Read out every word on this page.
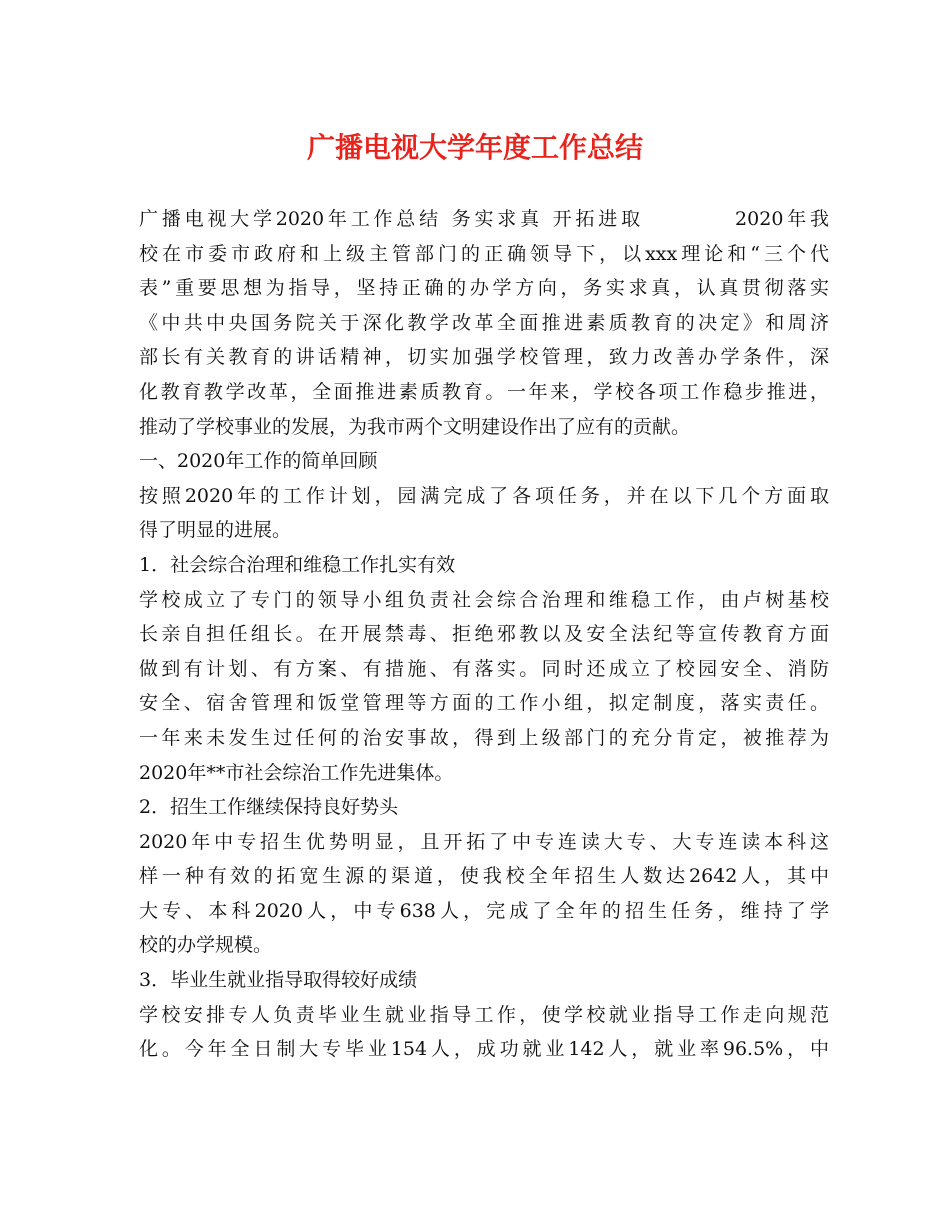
广播电视大学年度工作总结
广播电视大学2020年工作总结 务实求真 开拓进取　　　　2020年我
校在市委市政府和上级主管部门的正确领导下，以xxx理论和“三个代
表”重要思想为指导，坚持正确的办学方向，务实求真，认真贯彻落实
《中共中央国务院关于深化教学改革全面推进素质教育的决定》和周济
部长有关教育的讲话精神，切实加强学校管理，致力改善办学条件，深
化教育教学改革，全面推进素质教育。一年来，学校各项工作稳步推进，
推动了学校事业的发展，为我市两个文明建设作出了应有的贡献。
一、2020年工作的简单回顾
按照2020年的工作计划，园满完成了各项任务，并在以下几个方面取
得了明显的进展。
1．社会综合治理和维稳工作扎实有效
学校成立了专门的领导小组负责社会综合治理和维稳工作，由卢树基校
长亲自担任组长。在开展禁毒、拒绝邪教以及安全法纪等宣传教育方面
做到有计划、有方案、有措施、有落实。同时还成立了校园安全、消防
安全、宿舍管理和饭堂管理等方面的工作小组，拟定制度，落实责任。
一年来未发生过任何的治安事故，得到上级部门的充分肯定，被推荐为
2020年**市社会综治工作先进集体。
2．招生工作继续保持良好势头
2020年中专招生优势明显，且开拓了中专连读大专、大专连读本科这
样一种有效的拓宽生源的渠道，使我校全年招生人数达2642人，其中
大专、本科2020人，中专638人，完成了全年的招生任务，维持了学
校的办学规模。
3．毕业生就业指导取得较好成绩
学校安排专人负责毕业生就业指导工作，使学校就业指导工作走向规范
化。今年全日制大专毕业154人，成功就业142人，就业率96.5%，中
